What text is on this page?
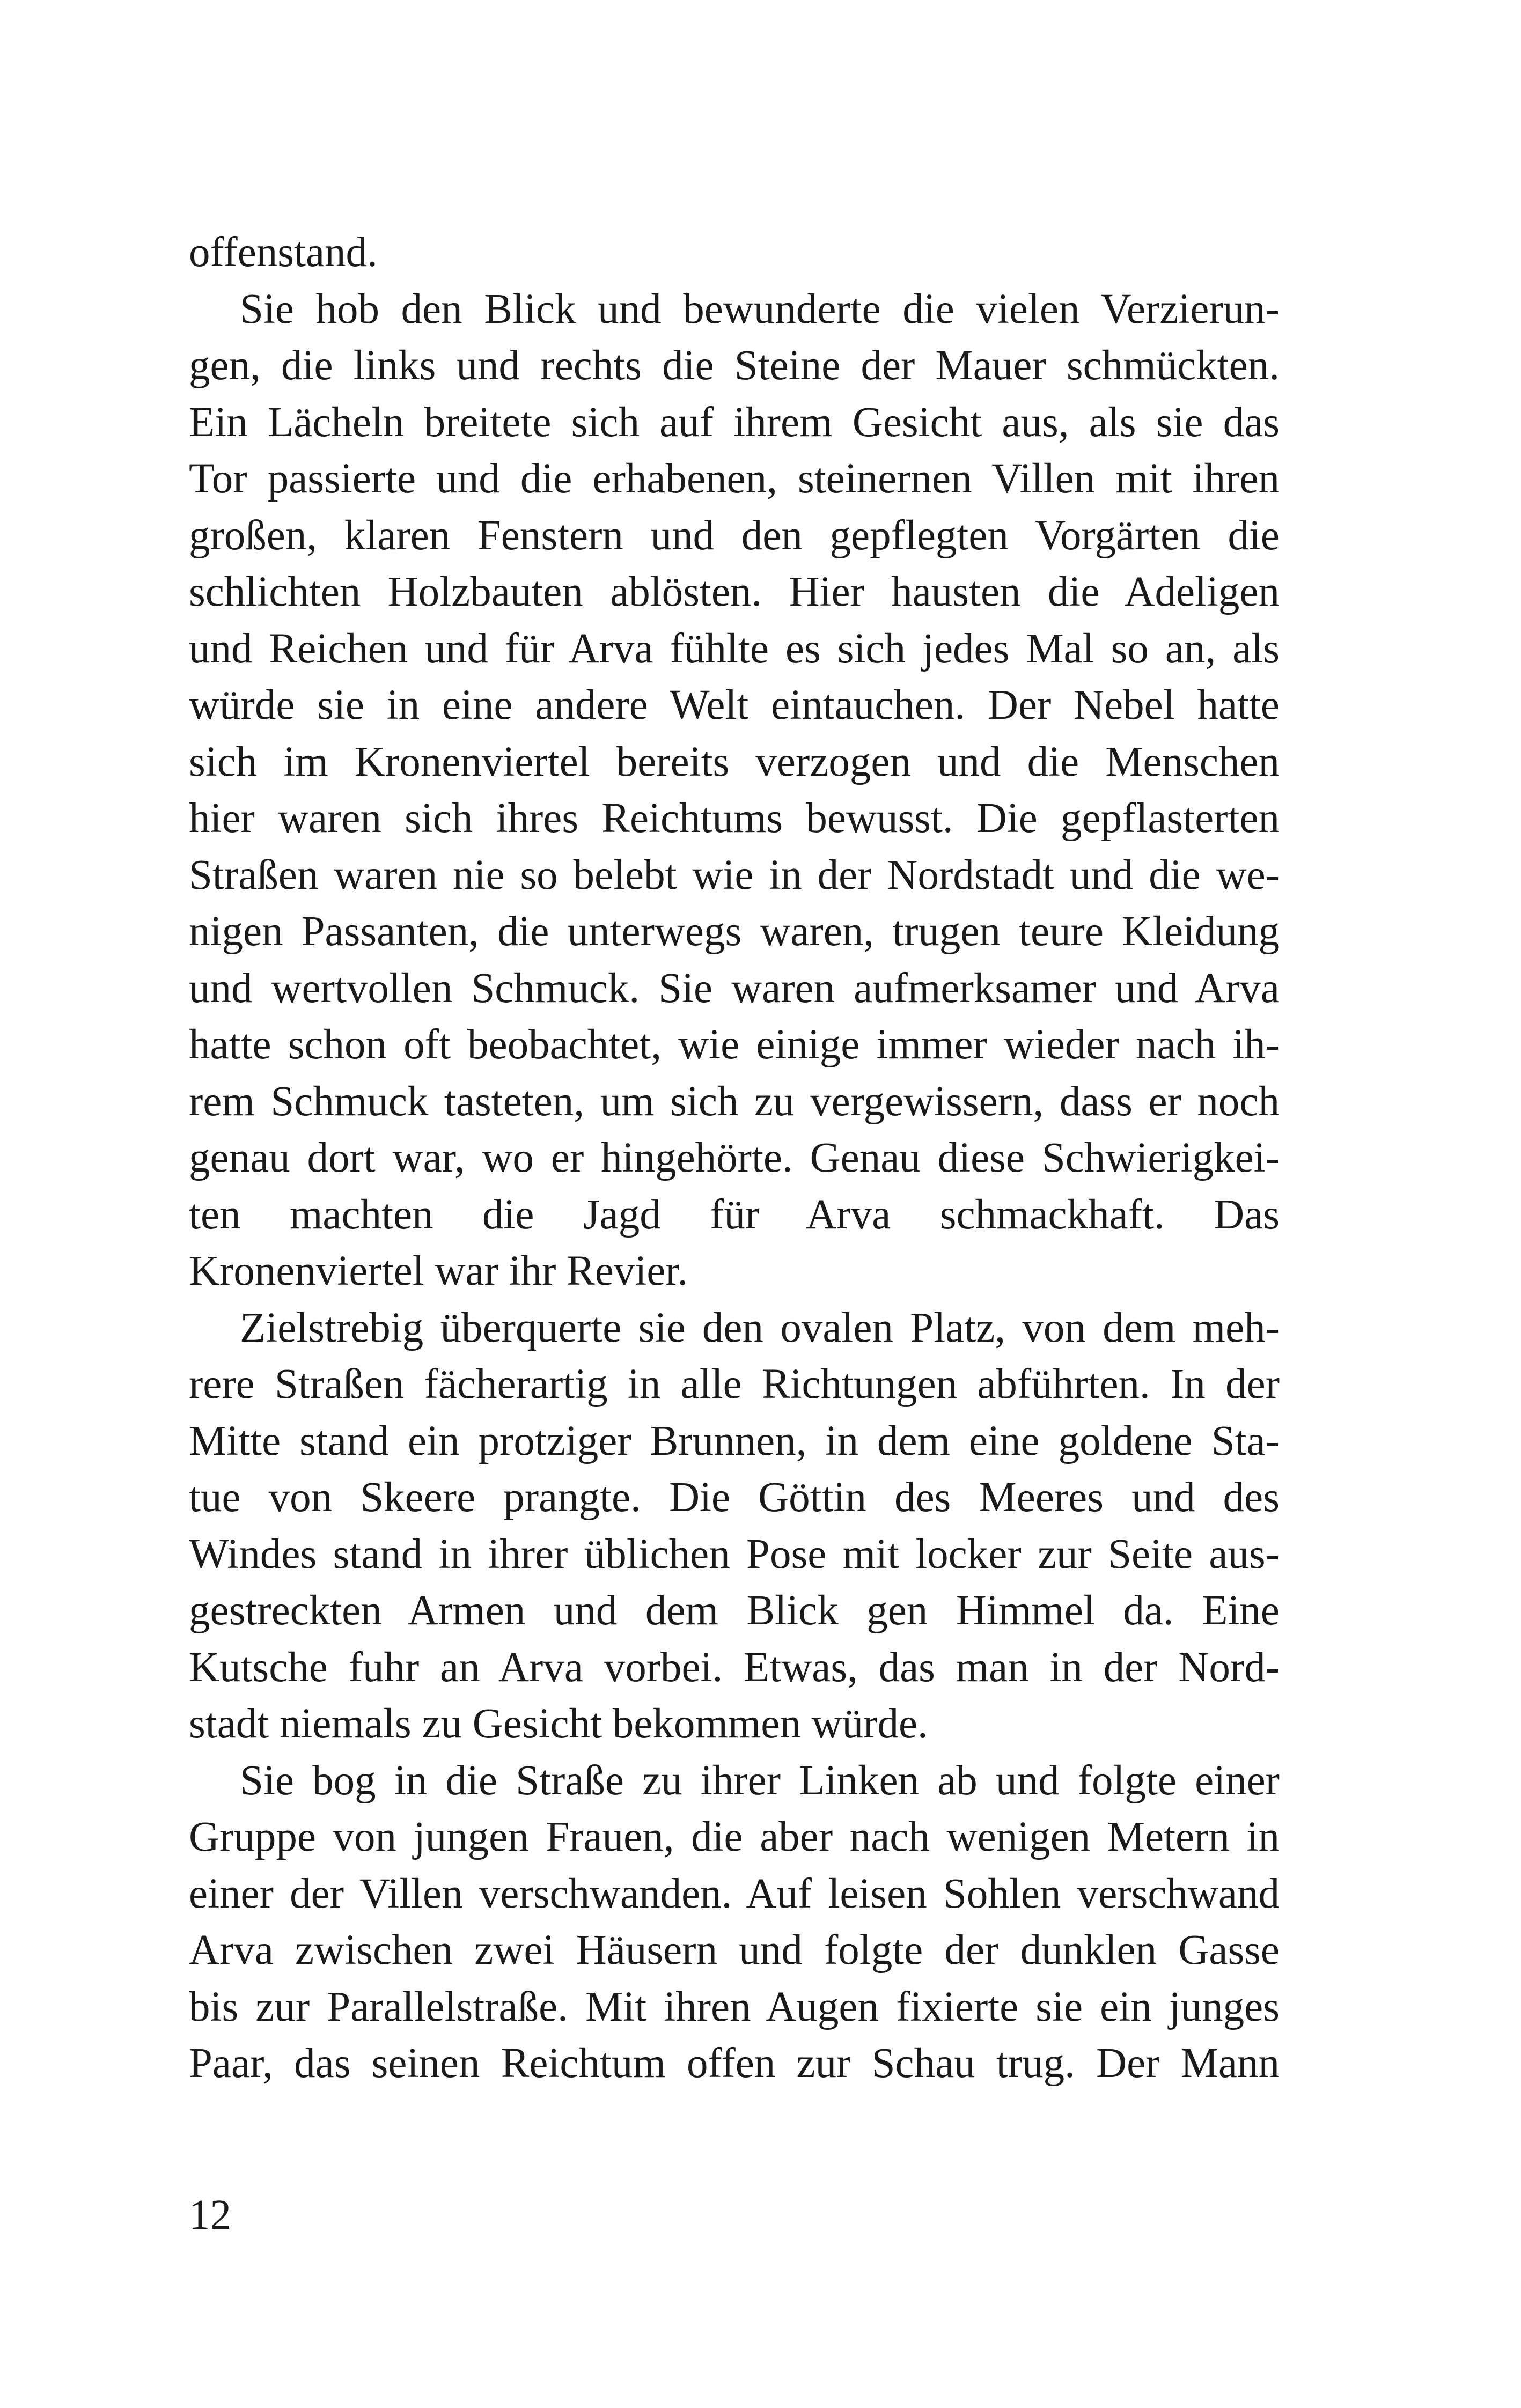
offenstand.
Sie hob den Blick und bewunderte die vielen Verzierun-
gen, die links und rechts die Steine der Mauer schmückten.
Ein Lächeln breitete sich auf ihrem Gesicht aus, als sie das
Tor passierte und die erhabenen, steinernen Villen mit ihren
großen, klaren Fenstern und den gepflegten Vorgärten die
schlichten Holzbauten ablösten. Hier hausten die Adeligen
und Reichen und für Arva fühlte es sich jedes Mal so an, als
würde sie in eine andere Welt eintauchen. Der Nebel hatte
sich im Kronenviertel bereits verzogen und die Menschen
hier waren sich ihres Reichtums bewusst. Die gepflasterten
Straßen waren nie so belebt wie in der Nordstadt und die we-
nigen Passanten, die unterwegs waren, trugen teure Kleidung
und wertvollen Schmuck. Sie waren aufmerksamer und Arva
hatte schon oft beobachtet, wie einige immer wieder nach ih-
rem Schmuck tasteten, um sich zu vergewissern, dass er noch
genau dort war, wo er hingehörte. Genau diese Schwierigkei-
ten machten die Jagd für Arva schmackhaft. Das
Kronenviertel war ihr Revier.
Zielstrebig überquerte sie den ovalen Platz, von dem meh-
rere Straßen fächerartig in alle Richtungen abführten. In der
Mitte stand ein protziger Brunnen, in dem eine goldene Sta-
tue von Skeere prangte. Die Göttin des Meeres und des
Windes stand in ihrer üblichen Pose mit locker zur Seite aus-
gestreckten Armen und dem Blick gen Himmel da. Eine
Kutsche fuhr an Arva vorbei. Etwas, das man in der Nord-
stadt niemals zu Gesicht bekommen würde.
Sie bog in die Straße zu ihrer Linken ab und folgte einer
Gruppe von jungen Frauen, die aber nach wenigen Metern in
einer der Villen verschwanden. Auf leisen Sohlen verschwand
Arva zwischen zwei Häusern und folgte der dunklen Gasse
bis zur Parallelstraße. Mit ihren Augen fixierte sie ein junges
Paar, das seinen Reichtum offen zur Schau trug. Der Mann
12
